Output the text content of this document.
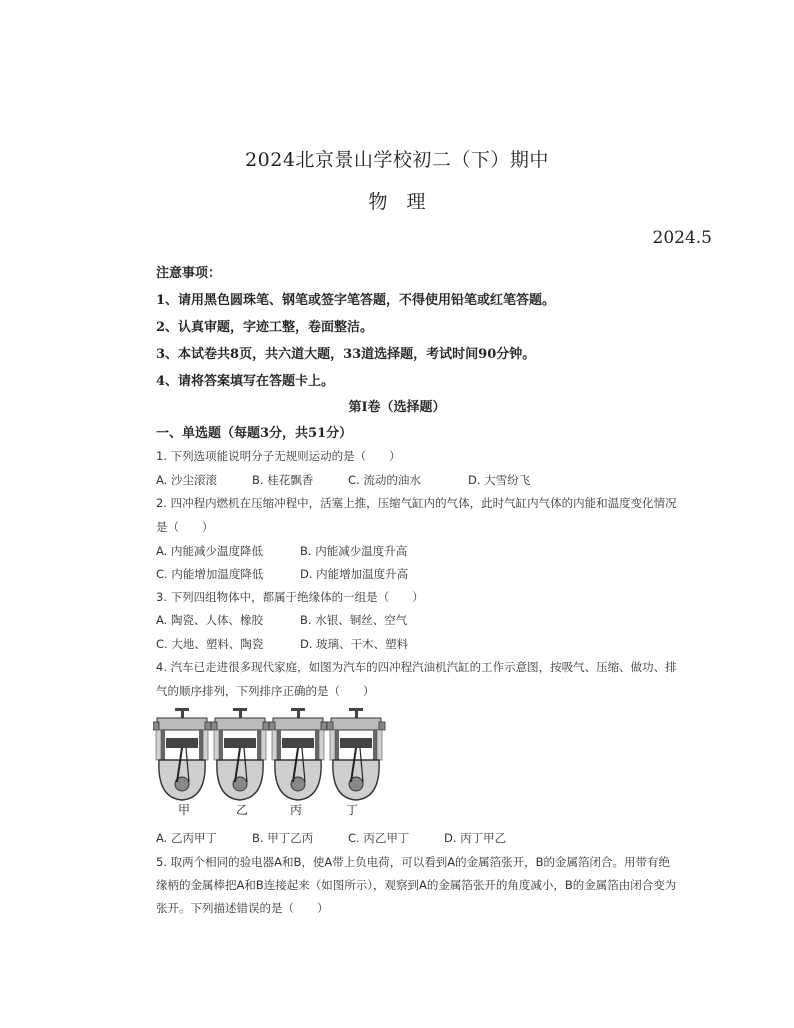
2024北京景山学校初二（下）期中
物　理
2024.5
注意事项：
1、请用黑色圆珠笔、钢笔或签字笔答题，不得使用铅笔或红笔答题。
2、认真审题，字迹工整，卷面整洁。
3、本试卷共8页，共六道大题，33道选择题，考试时间90分钟。
4、请将答案填写在答题卡上。
第Ⅰ卷（选择题）
一、单选题（每题3分，共51分）
1. 下列选项能说明分子无规则运动的是（　　）
A. 沙尘滚滚	B. 桂花飘香	C. 流动的油水	D. 大雪纷飞
2. 四冲程内燃机在压缩冲程中，活塞上推，压缩气缸内的气体，此时气缸内气体的内能和温度变化情况
是（　　）
A. 内能减少温度降低	B. 内能减少温度升高
C. 内能增加温度降低	D. 内能增加温度升高
3. 下列四组物体中，都属于绝缘体的一组是（　　）
A. 陶瓷、人体、橡胶	B. 水银、铜丝、空气
C. 大地、塑料、陶瓷	D. 玻璃、干木、塑料
4. 汽车已走进很多现代家庭，如图为汽车的四冲程汽油机汽缸的工作示意图，按吸气、压缩、做功、排
气的顺序排列，下列排序正确的是（　　）
甲	乙	丙	丁
A. 乙丙甲丁	B. 甲丁乙丙	C. 丙乙甲丁	D. 丙丁甲乙
5. 取两个相同的验电器A和B，使A带上负电荷，可以看到A的金属箔张开，B的金属箔闭合。用带有绝
缘柄的金属棒把A和B连接起来（如图所示），观察到A的金属箔张开的角度减小，B的金属箔由闭合变为
张开。下列描述错误的是（　　）
